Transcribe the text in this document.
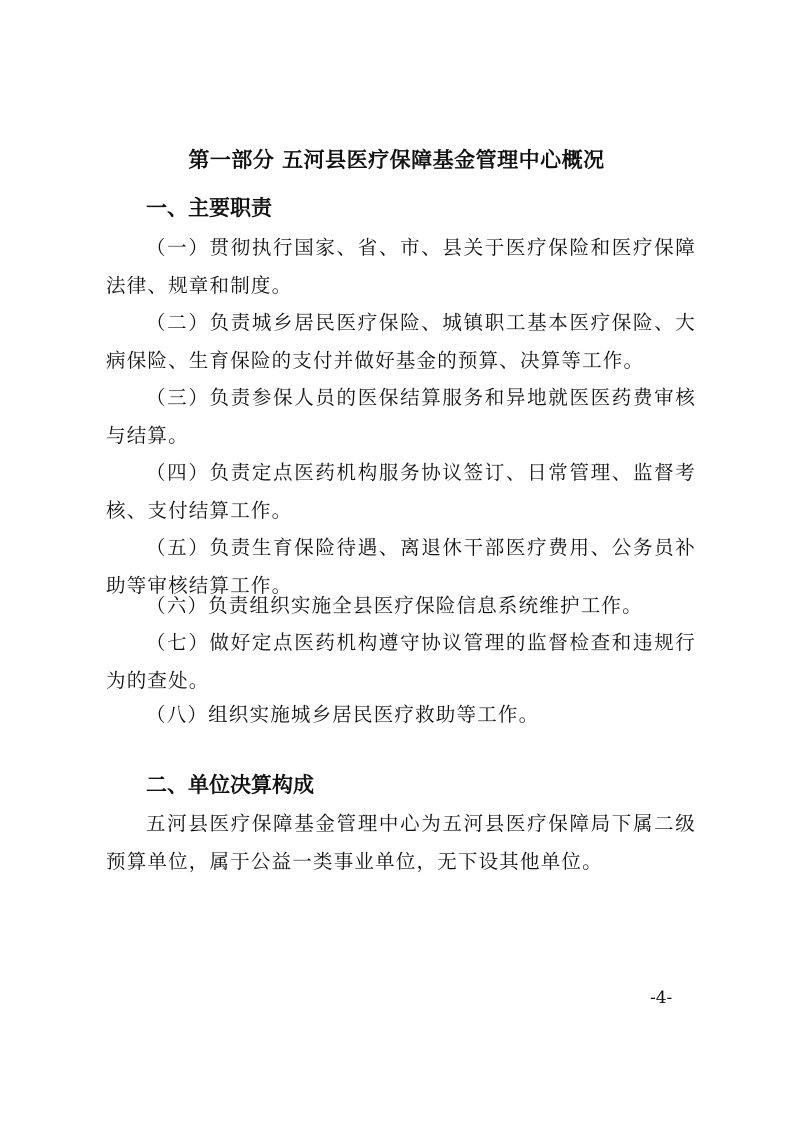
第一部分 五河县医疗保障基金管理中心概况
一、主要职责
（一）贯彻执行国家、省、市、县关于医疗保险和医疗保障法律、规章和制度。
（二）负责城乡居民医疗保险、城镇职工基本医疗保险、大病保险、生育保险的支付并做好基金的预算、决算等工作。
（三）负责参保人员的医保结算服务和异地就医医药费审核与结算。
（四）负责定点医药机构服务协议签订、日常管理、监督考核、支付结算工作。
（五）负责生育保险待遇、离退休干部医疗费用、公务员补助等审核结算工作。
（六）负责组织实施全县医疗保险信息系统维护工作。
（七）做好定点医药机构遵守协议管理的监督检查和违规行为的查处。
（八）组织实施城乡居民医疗救助等工作。
二、单位决算构成
五河县医疗保障基金管理中心为五河县医疗保障局下属二级预算单位，属于公益一类事业单位，无下设其他单位。
-4-
